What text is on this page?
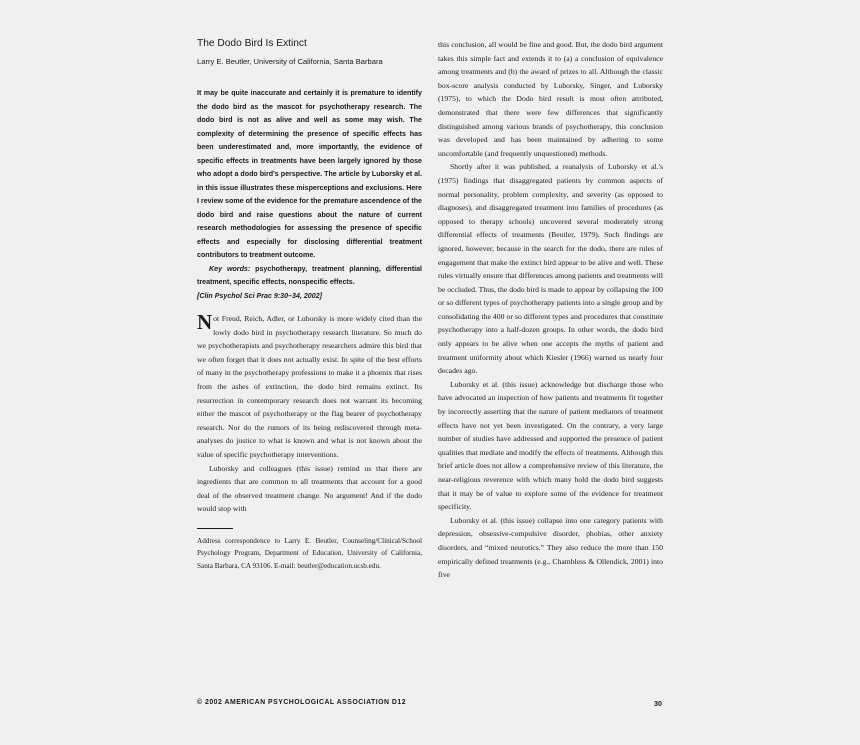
The Dodo Bird Is Extinct
Larry E. Beutler, University of California, Santa Barbara

It may be quite inaccurate and certainly it is premature to identify the dodo bird as the mascot for psychotherapy research. The dodo bird is not as alive and well as some may wish. The complexity of determining the presence of specific effects has been underestimated and, more importantly, the evidence of specific effects in treatments have been largely ignored by those who adopt a dodo bird's perspective. The article by Luborsky et al. in this issue illustrates these misperceptions and exclusions. Here I review some of the evidence for the premature ascendence of the dodo bird and raise questions about the nature of current research methodologies for assessing the presence of specific effects and especially for disclosing differential treatment contributors to treatment outcome.

Key words: psychotherapy, treatment planning, differential treatment, specific effects, nonspecific effects.

[Clin Psychol Sci Prac 9:30–34, 2002]

Not Freud, Reich, Adler, or Luborsky is more widely cited than the lowly dodo bird in psychotherapy research literature. So much do we psychotherapists and psychotherapy researchers admire this bird that we often forget that it does not actually exist. In spite of the best efforts of many in the psychotherapy professions to make it a phoenix that rises from the ashes of extinction, the dodo bird remains extinct. Its resurrection in contemporary research does not warrant its becoming either the mascot of psychotherapy or the flag bearer of psychotherapy research. Nor do the rumors of its being rediscovered through meta-analyses do justice to what is known and what is not known about the value of specific psychotherapy interventions.

Luborsky and colleagues (this issue) remind us that there are ingredients that are common to all treatments that account for a good deal of the observed treatment change. No argument! And if the dodo would stop with

Address correspondence to Larry E. Beutler, Counseling/Clinical/School Psychology Program, Department of Education, University of California, Santa Barbara, CA 93106. E-mail: beutler@education.ucsb.edu.

this conclusion, all would be fine and good. But, the dodo bird argument takes this simple fact and extends it to (a) a conclusion of equivalence among treatments and (b) the award of prizes to all. Although the classic box-score analysis conducted by Luborsky, Singer, and Luborsky (1975), to which the Dodo bird result is most often attributed, demonstrated that there were few differences that significantly distinguished among various brands of psychotherapy, this conclusion was developed and has been maintained by adhering to some uncomfortable (and frequently unquestioned) methods.

Shortly after it was published, a reanalysis of Luborsky et al.'s (1975) findings that disaggregated patients by common aspects of normal personality, problem complexity, and severity (as opposed to diagnoses), and disaggregated treatment into families of procedures (as opposed to therapy schools) uncovered several moderately strong differential effects of treatments (Beutler, 1979). Such findings are ignored, however, because in the search for the dodo, there are rules of engagement that make the extinct bird appear to be alive and well. These rules virtually ensure that differences among patients and treatments will be occluded. Thus, the dodo bird is made to appear by collapsing the 100 or so different types of psychotherapy patients into a single group and by consolidating the 400 or so different types and procedures that constitute psychotherapy into a half-dozen groups. In other words, the dodo bird only appears to be alive when one accepts the myths of patient and treatment uniformity about which Kiesler (1966) warned us nearly four decades ago.

Luborsky et al. (this issue) acknowledge but discharge those who have advocated an inspection of how patients and treatments fit together by incorrectly asserting that the nature of patient mediators of treatment effects have not yet been investigated. On the contrary, a very large number of studies have addressed and supported the presence of patient qualities that mediate and modify the effects of treatments. Although this brief article does not allow a comprehensive review of this literature, the near-religious reverence with which many hold the dodo bird suggests that it may be of value to explore some of the evidence for treatment specificity.

Luborsky et al. (this issue) collapse into one category patients with depression, obsessive-compulsive disorder, phobias, other anxiety disorders, and “mixed neurotics.” They also reduce the more than 150 empirically defined treatments (e.g., Chambless & Ollendick, 2001) into five

© 2002 AMERICAN PSYCHOLOGICAL ASSOCIATION D12	30
